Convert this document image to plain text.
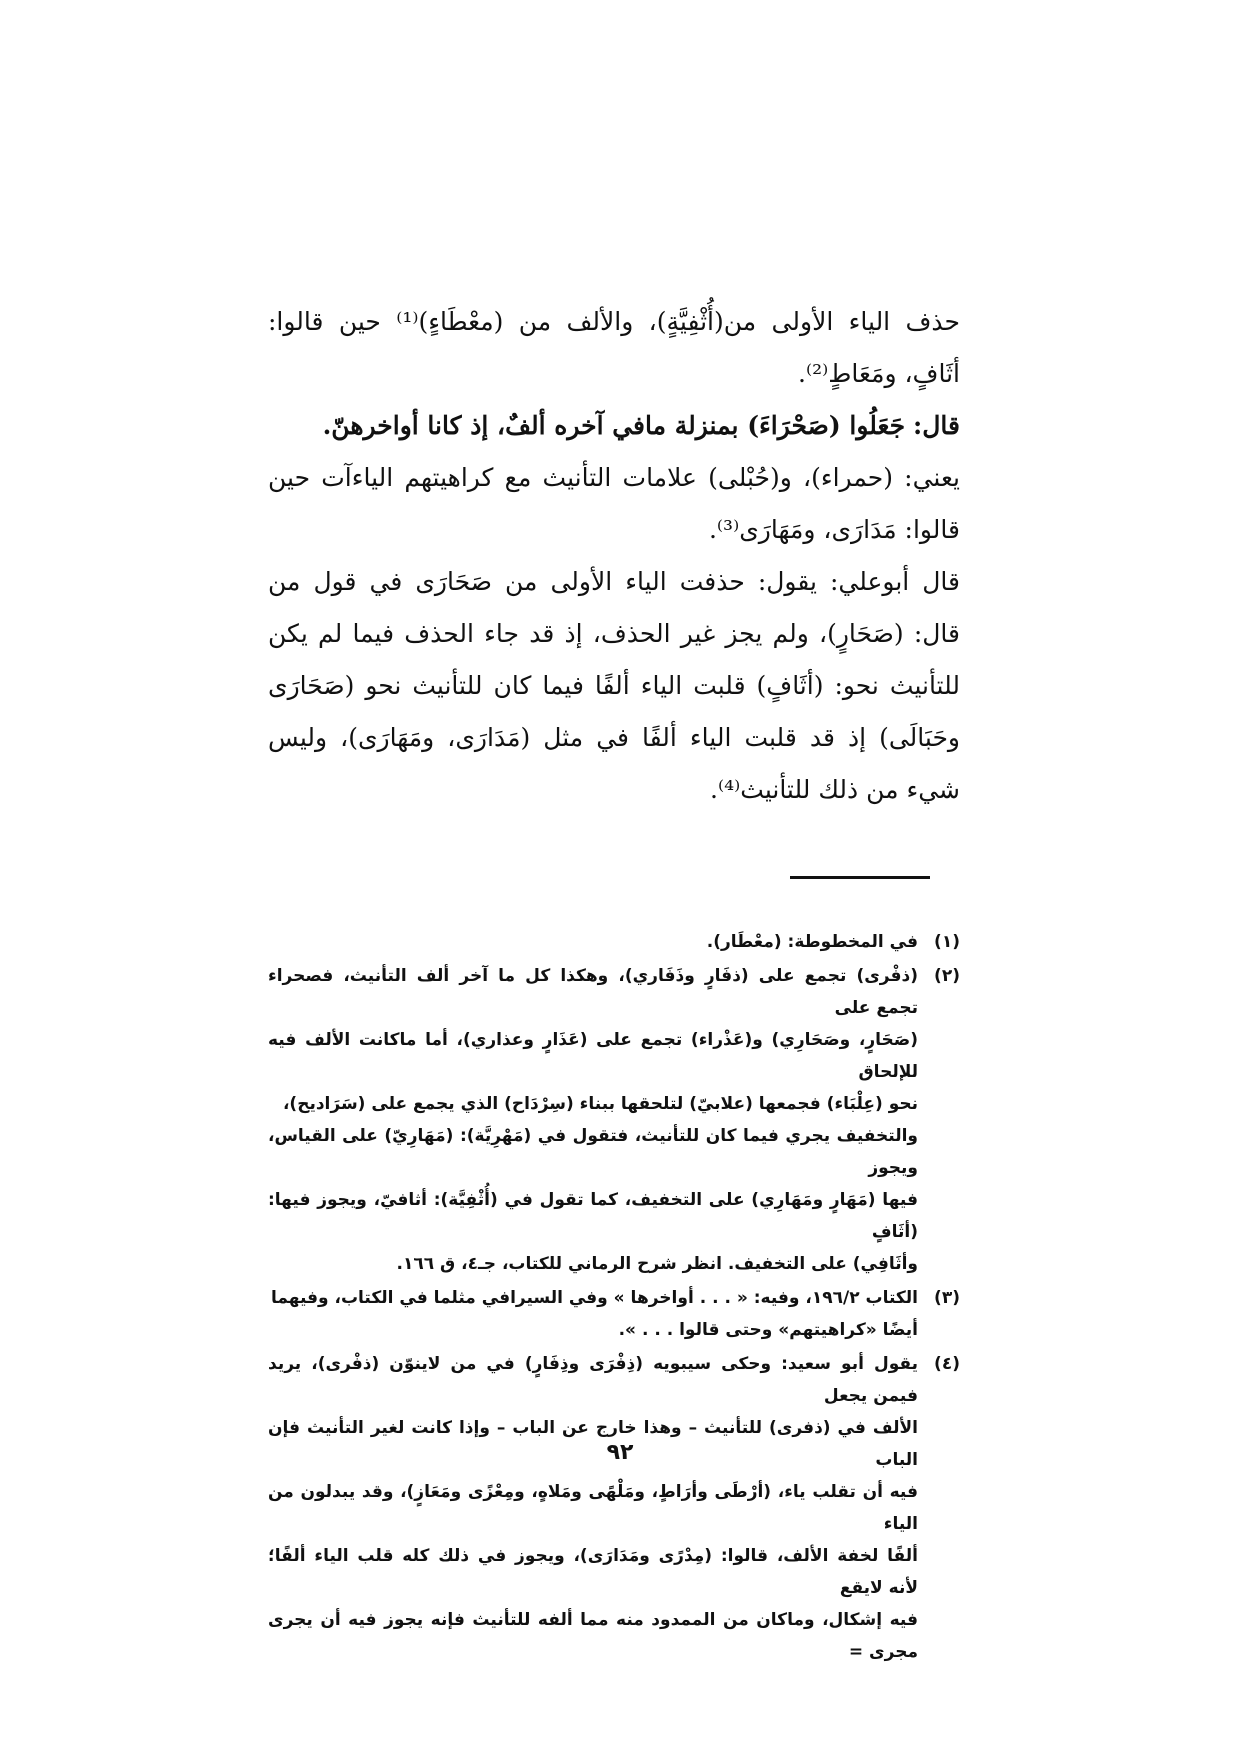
حذف الياء الأولى من(أُثْفِيَّةٍ)، والألف من (معْطَاءٍ)⁽¹⁾ حين قالوا: أثَافٍ، ومَعَاطٍ⁽²⁾.

قال: جَعَلُوا (صَحْرَاءَ) بمنزلة مافي آخره ألفٌ، إذ كانا أواخرهنّ.

يعني: (حمراء)، و(حُبْلى) علامات التأنيث مع كراهيتهم الياءآت حين قالوا: مَدَارَى، ومَهَارَى⁽³⁾.

قال أبوعلي: يقول: حذفت الياء الأولى من صَحَارَى في قول من قال: (صَحَارٍ)، ولم يجز غير الحذف، إذ قد جاء الحذف فيما لم يكن للتأنيث نحو: (أثَافٍ) قلبت الياء ألفًا فيما كان للتأنيث نحو (صَحَارَى وحَبَالَى) إذ قد قلبت الياء ألفًا في مثل (مَدَارَى، ومَهَارَى)، وليس شيء من ذلك للتأنيث⁽⁴⁾.

(١)
في المخطوطة: (معْطَار).
(٢)
(ذفْرى) تجمع على (ذفَارٍ وذَفَاري)، وهكذا كل ما آخر ألف التأنيث، فصحراء تجمع على
(صَحَارٍ، وصَحَارِي) و(عَذْراء) تجمع على (عَذَارٍ وعذاري)، أما ماكانت الألف فيه للإلحاق
نحو (عِلْبَاء) فجمعها (علابيّ) لتلحقها ببناء (سِرْدَاح) الذي يجمع على (سَرَاديح)،
والتخفيف يجري فيما كان للتأنيث، فتقول في (مَهْرِيَّة): (مَهَارِيّ) على القياس، ويجوز
فيها (مَهَارٍ ومَهَارِي) على التخفيف، كما تقول في (أُثْفِيَّة): أثافيّ، ويجوز فيها: (أثَافٍ
وأثَافِي) على التخفيف. انظر شرح الرماني للكتاب، جـ٤، ق ١٦٦.
(٣)
الكتاب ١٩٦/٢، وفيه: « . . . أواخرها » وفي السيرافي مثلما في الكتاب، وفيهما
أيضًا «كراهيتهم» وحتى قالوا . . . ».
(٤)
يقول أبو سعيد: وحكى سيبويه (ذِفْرَى وذِفَارٍ) في من لاينوّن (ذفْرى)، يريد فيمن يجعل
الألف في (ذفرى) للتأنيث – وهذا خارج عن الباب – وإذا كانت لغير التأنيث فإن الباب
فيه أن تقلب ياء، (أرْطَى وأرَاطٍ، ومَلْهًى ومَلاهٍ، ومِعْزًى ومَعَازٍ)، وقد يبدلون من الياء
ألفًا لخفة الألف، قالوا: (مِدْرًى ومَدَارَى)، ويجوز في ذلك كله قلب الياء ألفًا؛ لأنه لايقع
فيه إشكال، وماكان من الممدود منه مما ألفه للتأنيث فإنه يجوز فيه أن يجرى مجرى =
٩٢
